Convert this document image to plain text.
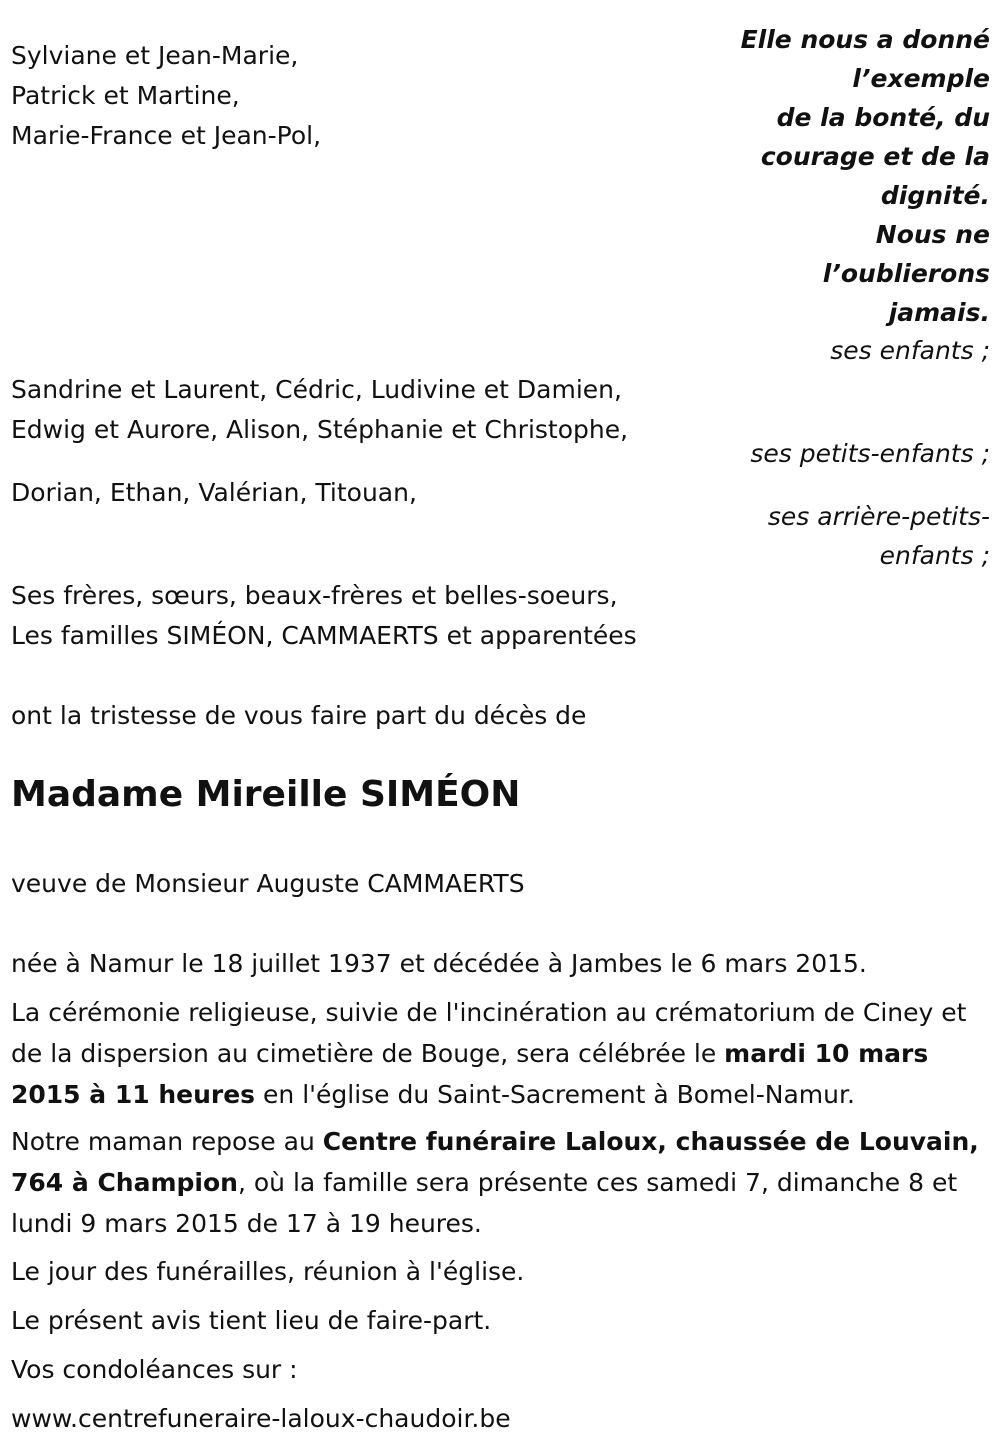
Sylviane et Jean-Marie,
Patrick et Martine,
Marie-France et Jean-Pol,
Sandrine et Laurent, Cédric, Ludivine et Damien,
Edwig et Aurore, Alison, Stéphanie et Christophe,
Dorian, Ethan, Valérian, Titouan,
Ses frères, sœurs, beaux-frères et belles-soeurs,
Les familles SIMÉON, CAMMAERTS et apparentées
Elle nous a donné
l’exemple
de la bonté, du
courage et de la
dignité.
Nous ne
l’oublierons
jamais.
ses enfants ;
ses petits-enfants ;
ses arrière-petits-
enfants ;
ont la tristesse de vous faire part du décès de
Madame Mireille SIMÉON
veuve de Monsieur Auguste CAMMAERTS
née à Namur le 18 juillet 1937 et décédée à Jambes le 6 mars 2015.
La cérémonie religieuse, suivie de l'incinération au crématorium de Ciney et de la dispersion au cimetière de Bouge, sera célébrée le mardi 10 mars 2015 à 11 heures en l'église du Saint-Sacrement à Bomel-Namur.
Notre maman repose au Centre funéraire Laloux, chaussée de Louvain, 764 à Champion, où la famille sera présente ces samedi 7, dimanche 8 et lundi 9 mars 2015 de 17 à 19 heures.
Le jour des funérailles, réunion à l'église.
Le présent avis tient lieu de faire-part.
Vos condoléances sur :
www.centrefuneraire-laloux-chaudoir.be
